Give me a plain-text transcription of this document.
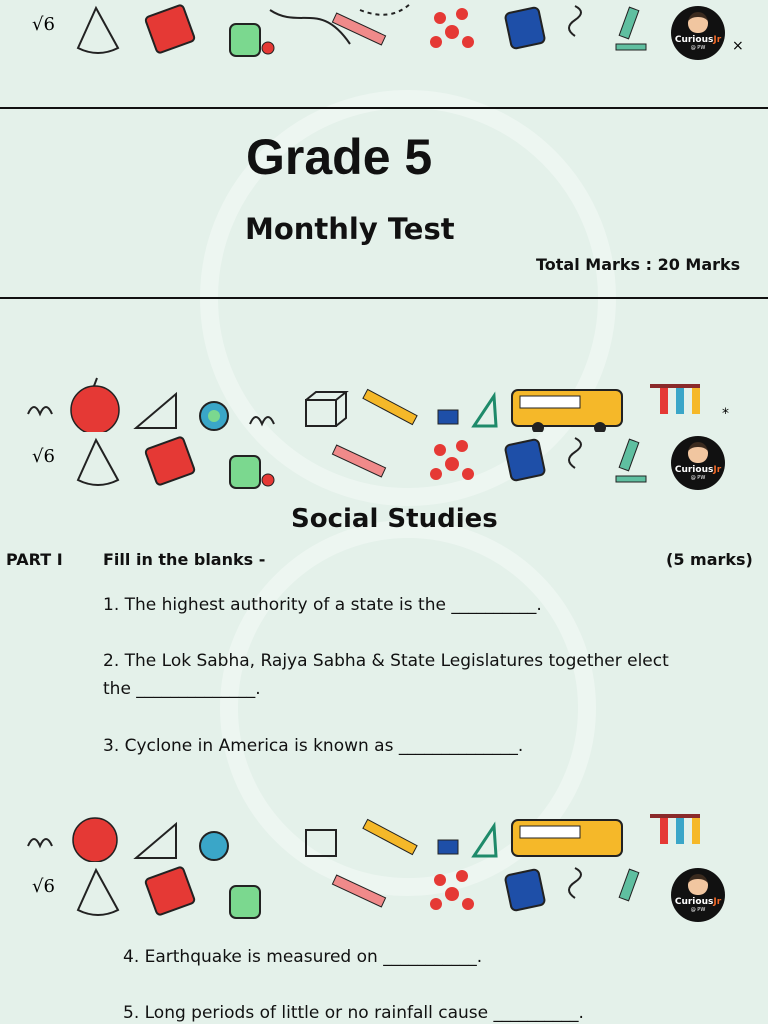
√6
×
CuriousJr
@ PW
Grade 5
Monthly Test
Total Marks : 20 Marks
*
√6
CuriousJr
@ PW
Social Studies
PART I	Fill in the blanks -	(5 marks)
1. The highest authority of a state is the __________.
2. The Lok Sabha, Rajya Sabha & State Legislatures together elect
the ______________.
3. Cyclone in America is known as ______________.
√6
CuriousJr
@ PW
4. Earthquake is measured on ___________.
5. Long periods of little or no rainfall cause __________.
